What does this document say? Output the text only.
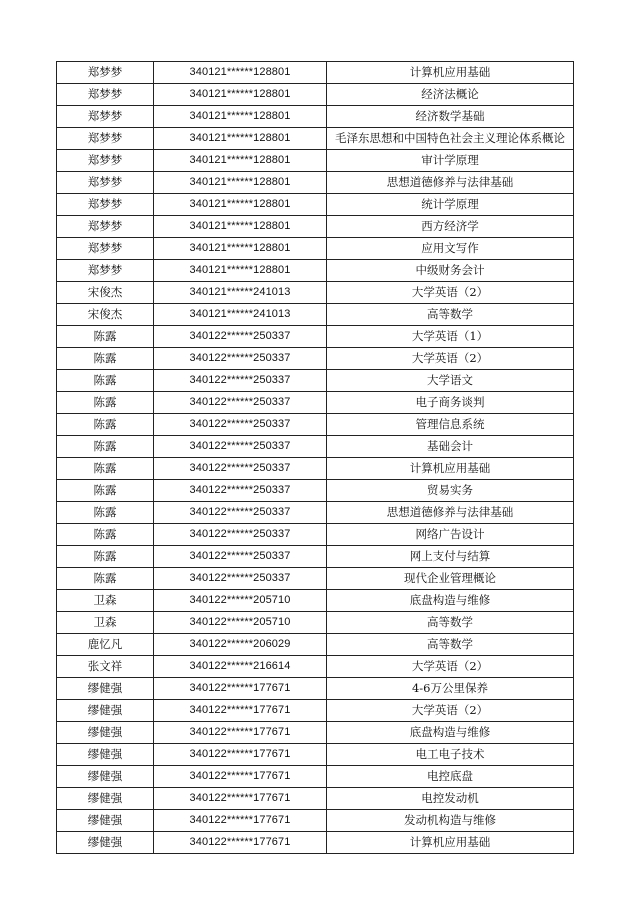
郑梦梦	340121******128801	计算机应用基础
郑梦梦	340121******128801	经济法概论
郑梦梦	340121******128801	经济数学基础
郑梦梦	340121******128801	毛泽东思想和中国特色社会主义理论体系概论
郑梦梦	340121******128801	审计学原理
郑梦梦	340121******128801	思想道德修养与法律基础
郑梦梦	340121******128801	统计学原理
郑梦梦	340121******128801	西方经济学
郑梦梦	340121******128801	应用文写作
郑梦梦	340121******128801	中级财务会计
宋俊杰	340121******241013	大学英语（2）
宋俊杰	340121******241013	高等数学
陈露	340122******250337	大学英语（1）
陈露	340122******250337	大学英语（2）
陈露	340122******250337	大学语文
陈露	340122******250337	电子商务谈判
陈露	340122******250337	管理信息系统
陈露	340122******250337	基础会计
陈露	340122******250337	计算机应用基础
陈露	340122******250337	贸易实务
陈露	340122******250337	思想道德修养与法律基础
陈露	340122******250337	网络广告设计
陈露	340122******250337	网上支付与结算
陈露	340122******250337	现代企业管理概论
卫森	340122******205710	底盘构造与维修
卫森	340122******205710	高等数学
鹿忆凡	340122******206029	高等数学
张文祥	340122******216614	大学英语（2）
缪健强	340122******177671	4-6万公里保养
缪健强	340122******177671	大学英语（2）
缪健强	340122******177671	底盘构造与维修
缪健强	340122******177671	电工电子技术
缪健强	340122******177671	电控底盘
缪健强	340122******177671	电控发动机
缪健强	340122******177671	发动机构造与维修
缪健强	340122******177671	计算机应用基础
